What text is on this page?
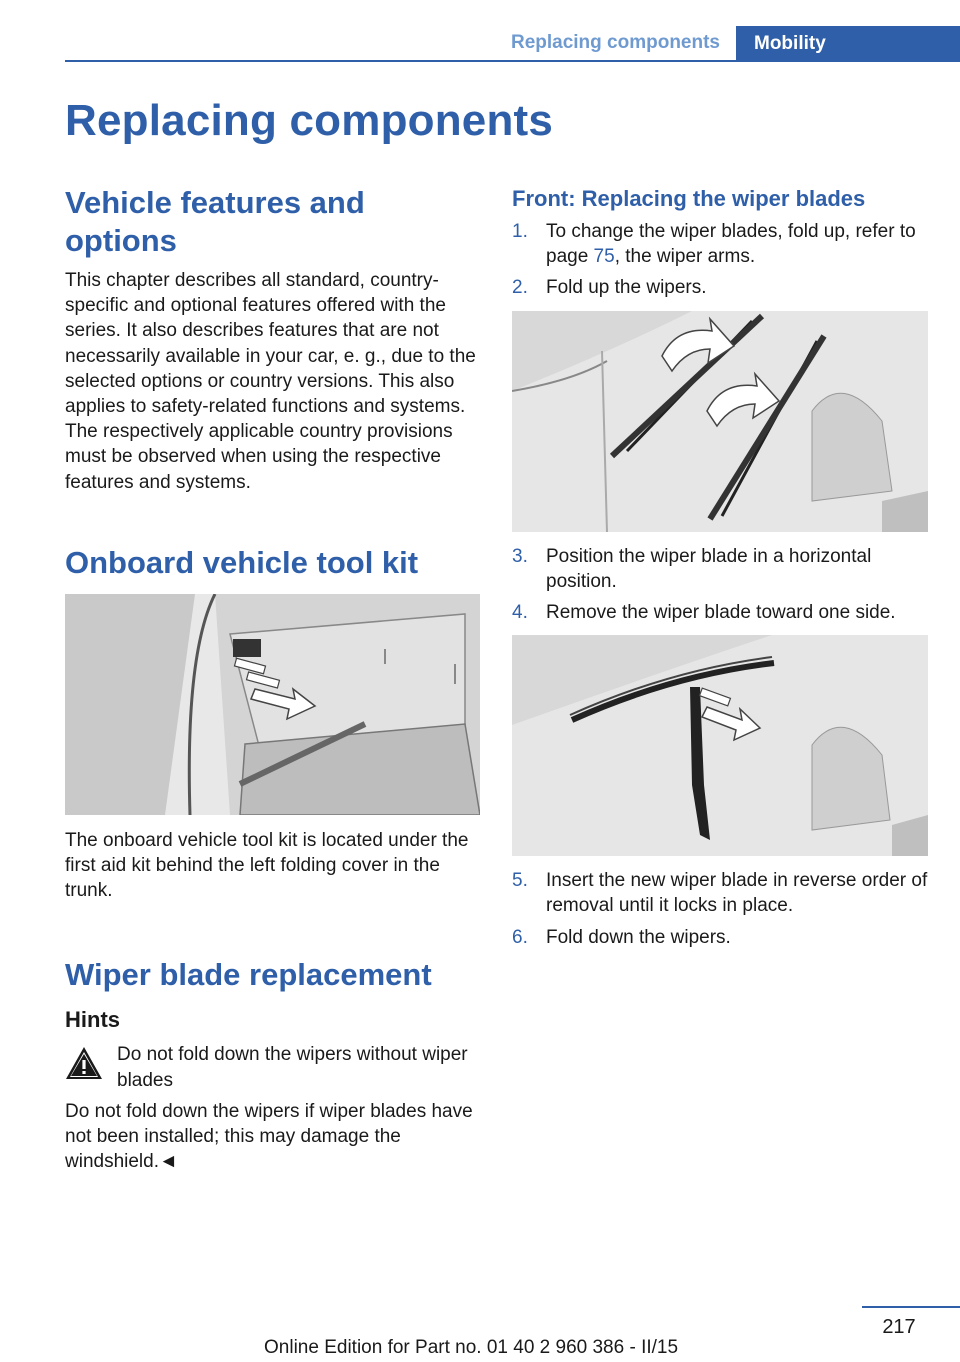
Replacing components	Mobility
Replacing components
Vehicle features and options

This chapter describes all standard, country-specific and optional features offered with the series. It also describes features that are not necessarily available in your car, e. g., due to the selected options or country versions. This also applies to safety-related functions and systems. The respectively applicable country provisions must be observed when using the respective features and systems.

Onboard vehicle tool kit

The onboard vehicle tool kit is located under the first aid kit behind the left folding cover in the trunk.

Wiper blade replacement
Hints
Do not fold down the wipers without wiper blades

Do not fold down the wipers if wiper blades have not been installed; this may damage the windshield.◄

Front: Replacing the wiper blades
1. To change the wiper blades, fold up, refer to page 75, the wiper arms.
2. Fold up the wipers.
3. Position the wiper blade in a horizontal position.
4. Remove the wiper blade toward one side.
5. Insert the new wiper blade in reverse order of removal until it locks in place.
6. Fold down the wipers.
217
Online Edition for Part no. 01 40 2 960 386 - II/15
